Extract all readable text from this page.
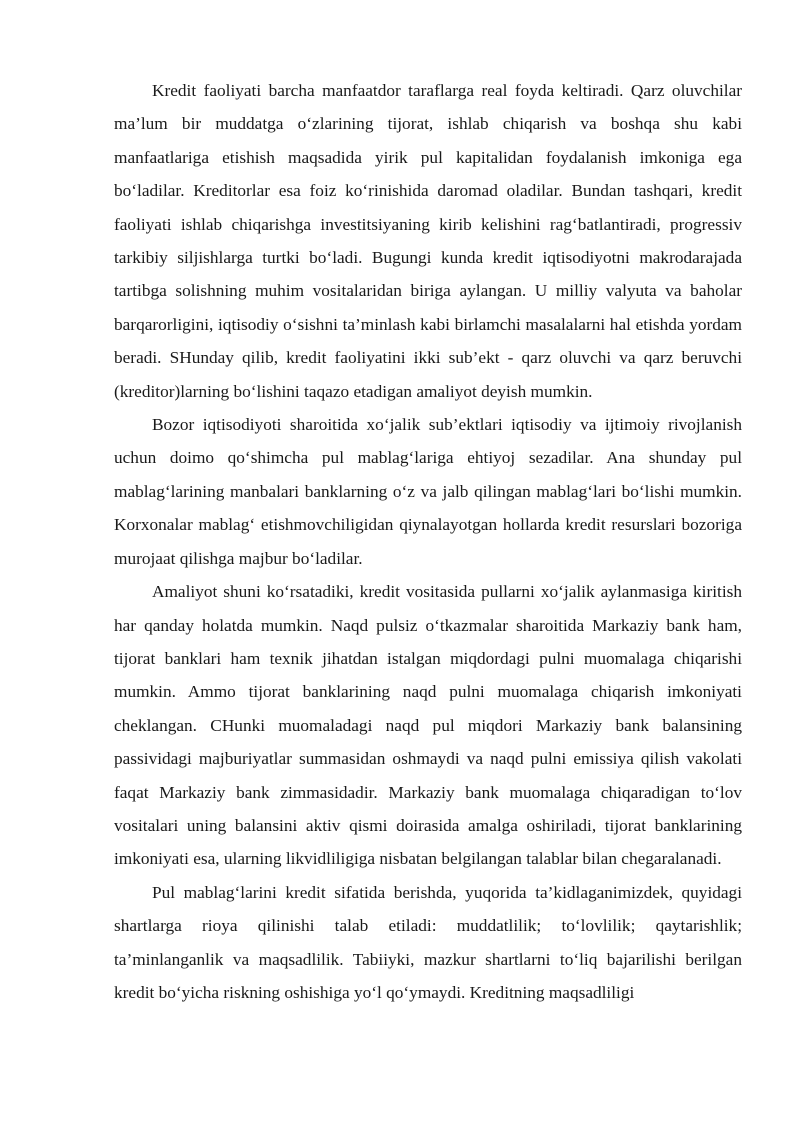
Kredit faoliyati barcha manfaatdor taraflarga real foyda keltiradi. Qarz oluvchilar ma’lum bir muddatga o‘zlarining tijorat, ishlab chiqarish va boshqa shu kabi manfaatlariga etishish maqsadida yirik pul kapitalidan foydalanish imkoniga ega bo‘ladilar. Kreditorlar esa foiz ko‘rinishida daromad oladilar. Bundan tashqari, kredit faoliyati ishlab chiqarishga investitsiyaning kirib kelishini rag‘batlantiradi, progressiv tarkibiy siljishlarga turtki bo‘ladi. Bugungi kunda kredit iqtisodiyotni makrodarajada tartibga solishning muhim vositalaridan biriga aylangan. U milliy valyuta va baholar barqarorligini, iqtisodiy o‘sishni ta’minlash kabi birlamchi masalalarni hal etishda yordam beradi. SHunday qilib, kredit faoliyatini ikki sub’ekt - qarz oluvchi va qarz beruvchi (kreditor)larning bo‘lishini taqazo etadigan amaliyot deyish mumkin.

Bozor iqtisodiyoti sharoitida xo‘jalik sub’ektlari iqtisodiy va ijtimoiy rivojlanish uchun doimo qo‘shimcha pul mablag‘lariga ehtiyoj sezadilar. Ana shunday pul mablag‘larining manbalari banklarning o‘z va jalb qilingan mablag‘lari bo‘lishi mumkin. Korxonalar mablag‘ etishmovchiligidan qiynalayotgan hollarda kredit resurslari bozoriga murojaat qilishga majbur bo‘ladilar.

Amaliyot shuni ko‘rsatadiki, kredit vositasida pullarni xo‘jalik aylanmasiga kiritish har qanday holatda mumkin. Naqd pulsiz o‘tkazmalar sharoitida Markaziy bank ham, tijorat banklari ham texnik jihatdan istalgan miqdordagi pulni muomalaga chiqarishi mumkin. Ammo tijorat banklarining naqd pulni muomalaga chiqarish imkoniyati cheklangan. CHunki muomaladagi naqd pul miqdori Markaziy bank balansining passividagi majburiyatlar summasidan oshmaydi va naqd pulni emissiya qilish vakolati faqat Markaziy bank zimmasidadir. Markaziy bank muomalaga chiqaradigan to‘lov vositalari uning balansini aktiv qismi doirasida amalga oshiriladi, tijorat banklarining imkoniyati esa, ularning likvidliligiga nisbatan belgilangan talablar bilan chegaralanadi.

Pul mablag‘larini kredit sifatida berishda, yuqorida ta’kidlaganimizdek, quyidagi shartlarga rioya qilinishi talab etiladi: muddatlilik; to‘lovlilik; qaytarishlik; ta’minlanganlik va maqsadlilik. Tabiiyki, mazkur shartlarni to‘liq bajarilishi berilgan kredit bo‘yicha riskning oshishiga yo‘l qo‘ymaydi. Kreditning maqsadliligi
